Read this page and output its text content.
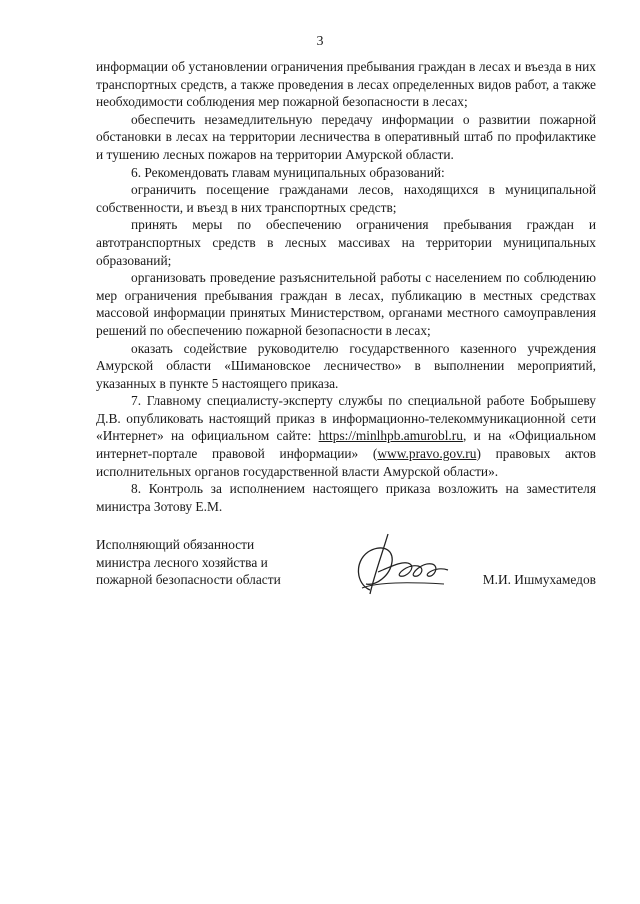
3

информации об установлении ограничения пребывания граждан в лесах и въезда в них транспортных средств, а также проведения в лесах определенных видов работ, а также необходимости соблюдения мер пожарной безопасности в лесах;

обеспечить незамедлительную передачу информации о развитии пожарной обстановки в лесах на территории лесничества в оперативный штаб по профилактике и тушению лесных пожаров на территории Амурской области.

6. Рекомендовать главам муниципальных образований:

ограничить посещение гражданами лесов, находящихся в муниципальной собственности, и въезд в них транспортных средств;

принять меры по обеспечению ограничения пребывания граждан и автотранспортных средств в лесных массивах на территории муниципальных образований;

организовать проведение разъяснительной работы с населением по соблюдению мер ограничения пребывания граждан в лесах, публикацию в местных средствах массовой информации принятых Министерством, органами местного самоуправления решений по обеспечению пожарной безопасности в лесах;

оказать содействие руководителю государственного казенного учреждения Амурской области «Шимановское лесничество» в выполнении мероприятий, указанных в пункте 5 настоящего приказа.

7. Главному специалисту-эксперту службы по специальной работе Бобрышеву Д.В. опубликовать настоящий приказ в информационно-телекоммуникационной сети «Интернет» на официальном сайте: https://minlhpb.amurobl.ru, и на «Официальном интернет-портале правовой информации» (www.pravo.gov.ru) правовых актов исполнительных органов государственной власти Амурской области».

8. Контроль за исполнением настоящего приказа возложить на заместителя министра Зотову Е.М.

Исполняющий обязанности
министра лесного хозяйства и
пожарной безопасности области	М.И. Ишмухамедов
